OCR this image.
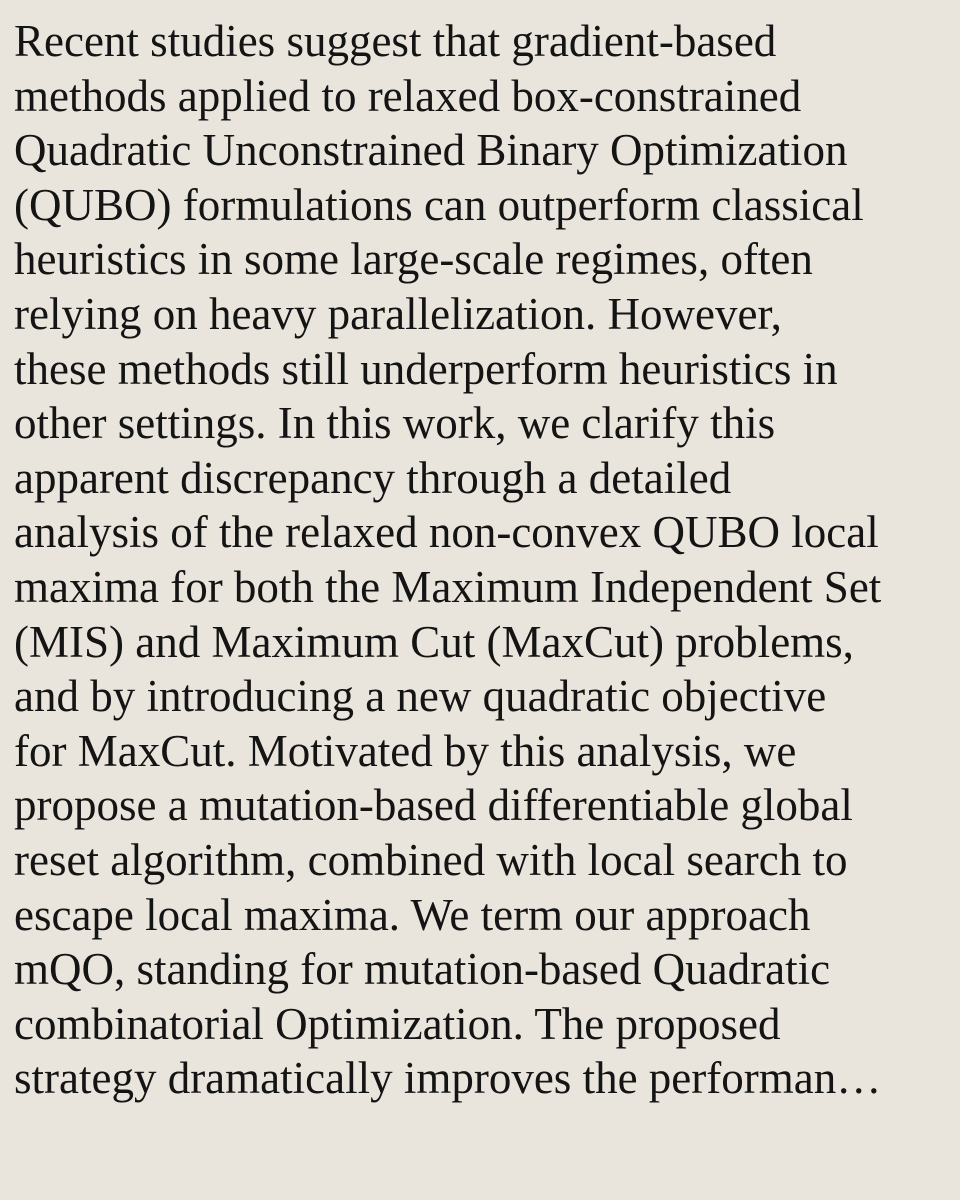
Recent studies suggest that gradient-based
methods applied to relaxed box-constrained
Quadratic Unconstrained Binary Optimization
(QUBO) formulations can outperform classical
heuristics in some large-scale regimes, often
relying on heavy parallelization. However,
these methods still underperform heuristics in
other settings. In this work, we clarify this
apparent discrepancy through a detailed
analysis of the relaxed non-convex QUBO local
maxima for both the Maximum Independent Set
(MIS) and Maximum Cut (MaxCut) problems,
and by introducing a new quadratic objective
for MaxCut. Motivated by this analysis, we
propose a mutation-based differentiable global
reset algorithm, combined with local search to
escape local maxima. We term our approach
mQO, standing for mutation-based Quadratic
combinatorial Optimization. The proposed
strategy dramatically improves the performan…
